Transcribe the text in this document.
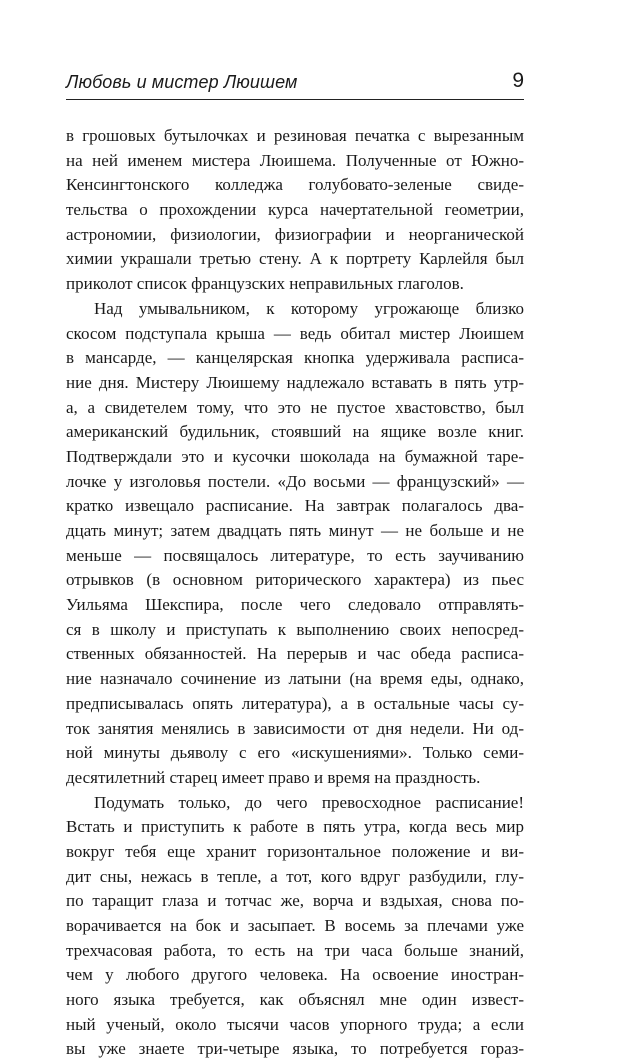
Любовь и мистер Люишем	9
в грошовых бутылочках и резиновая печатка с вырезанным
на ней именем мистера Люишема. Полученные от Южно-
Кенсингтонского колледжа голубовато-зеленые свиде-
тельства о прохождении курса начертательной геометрии,
астрономии, физиологии, физиографии и неорганической
химии украшали третью стену. А к портрету Карлейля был
приколот список французских неправильных глаголов.
Над умывальником, к которому угрожающе близко
скосом подступала крыша — ведь обитал мистер Люишем
в мансарде, — канцелярская кнопка удерживала расписа-
ние дня. Мистеру Люишему надлежало вставать в пять утр-
а, а свидетелем тому, что это не пустое хвастовство, был
американский будильник, стоявший на ящике возле книг.
Подтверждали это и кусочки шоколада на бумажной таре-
лочке у изголовья постели. «До восьми — французский» —
кратко извещало расписание. На завтрак полагалось два-
дцать минут; затем двадцать пять минут — не больше и не
меньше — посвящалось литературе, то есть заучиванию
отрывков (в основном риторического характера) из пьес
Уильяма Шекспира, после чего следовало отправлять-
ся в школу и приступать к выполнению своих непосред-
ственных обязанностей. На перерыв и час обеда расписа-
ние назначало сочинение из латыни (на время еды, однако,
предписывалась опять литература), а в остальные часы су-
ток занятия менялись в зависимости от дня недели. Ни од-
ной минуты дьяволу с его «искушениями». Только семи-
десятилетний старец имеет право и время на праздность.
Подумать только, до чего превосходное расписание!
Встать и приступить к работе в пять утра, когда весь мир
вокруг тебя еще хранит горизонтальное положение и ви-
дит сны, нежась в тепле, а тот, кого вдруг разбудили, глу-
по таращит глаза и тотчас же, ворча и вздыхая, снова по-
ворачивается на бок и засыпает. В восемь за плечами уже
трехчасовая работа, то есть на три часа больше знаний,
чем у любого другого человека. На освоение иностран-
ного языка требуется, как объяснял мне один извест-
ный ученый, около тысячи часов упорного труда; а если
вы уже знаете три-четыре языка, то потребуется гораз-
